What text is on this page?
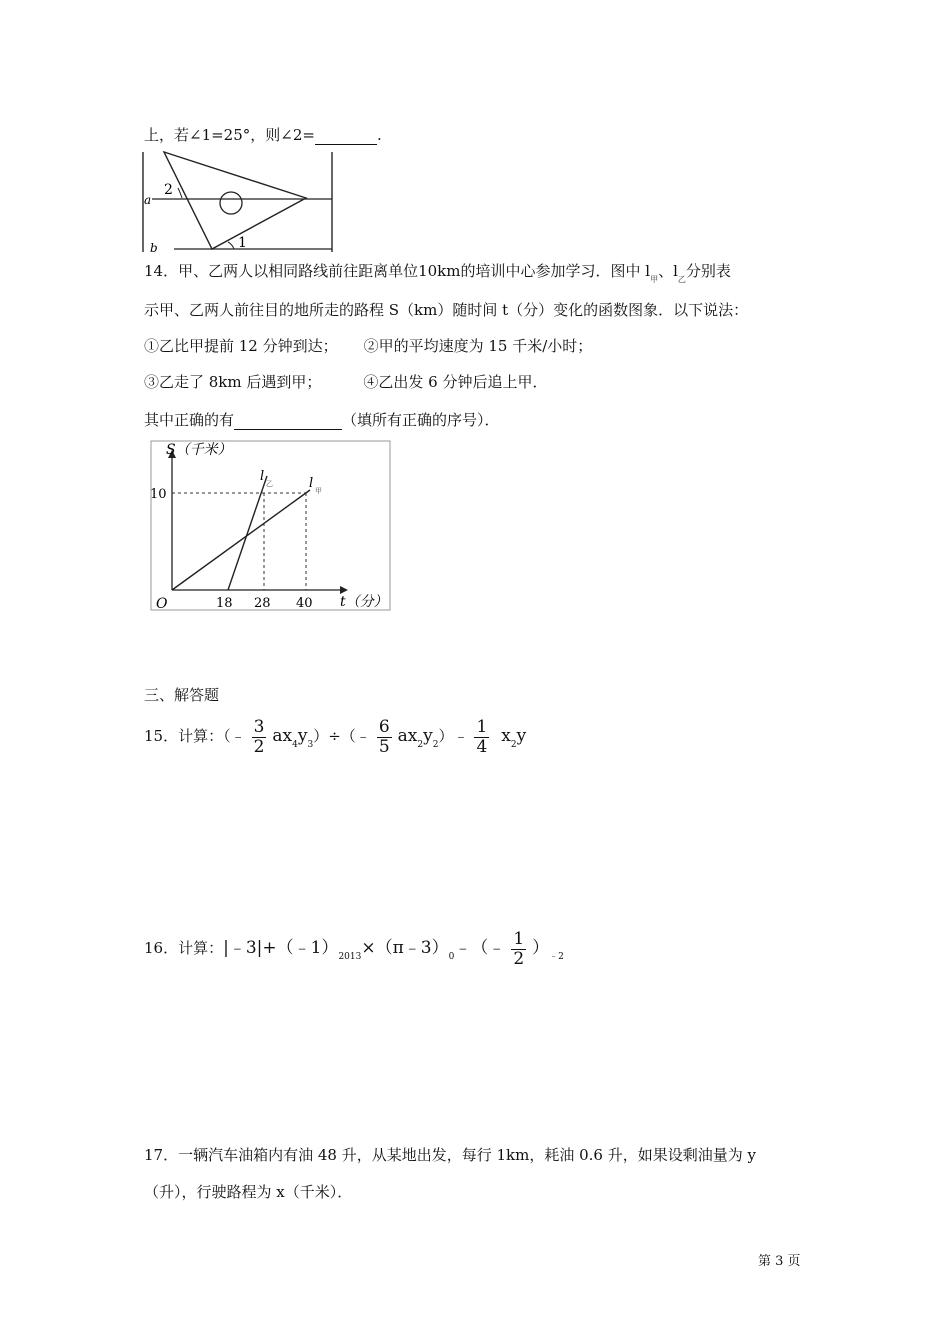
上，若∠1=25°，则∠2=	.
a
b	1
2
14．甲、乙两人以相同路线前往距离单位10km的培训中心参加学习．图中 $l_甲$、$l_乙$分别表
示甲、乙两人前往目的地所走的路程 S（km）随时间 t（分）变化的函数图象．以下说法：
①乙比甲提前 12 分钟到达； ②甲的平均速度为 15 千米/小时；
③乙走了 8km 后遇到甲；	④乙出发 6 分钟后追上甲．
其中正确的有	（填所有正确的序号）．
S（千米）
t（分）
O
10
18 28 40
l 乙	l 甲
三、解答题
15．计算：（﹣ $\frac{3}{2}$ $ax_4y_3)\div(﹣ \frac{6}{5}$ $ax_2y_2)﹣ \frac{1}{4} x_2y$
16．计算：$|﹣3|+(﹣1)_{2013}\times(\pi﹣3)_0﹣(﹣ \frac{1}{2} )_{﹣2}$
17．一辆汽车油箱内有油 48 升，从某地出发，每行 1km，耗油 0.6 升，如果设剩油量为 y
（升），行驶路程为 x（千米）．
第 3 页
